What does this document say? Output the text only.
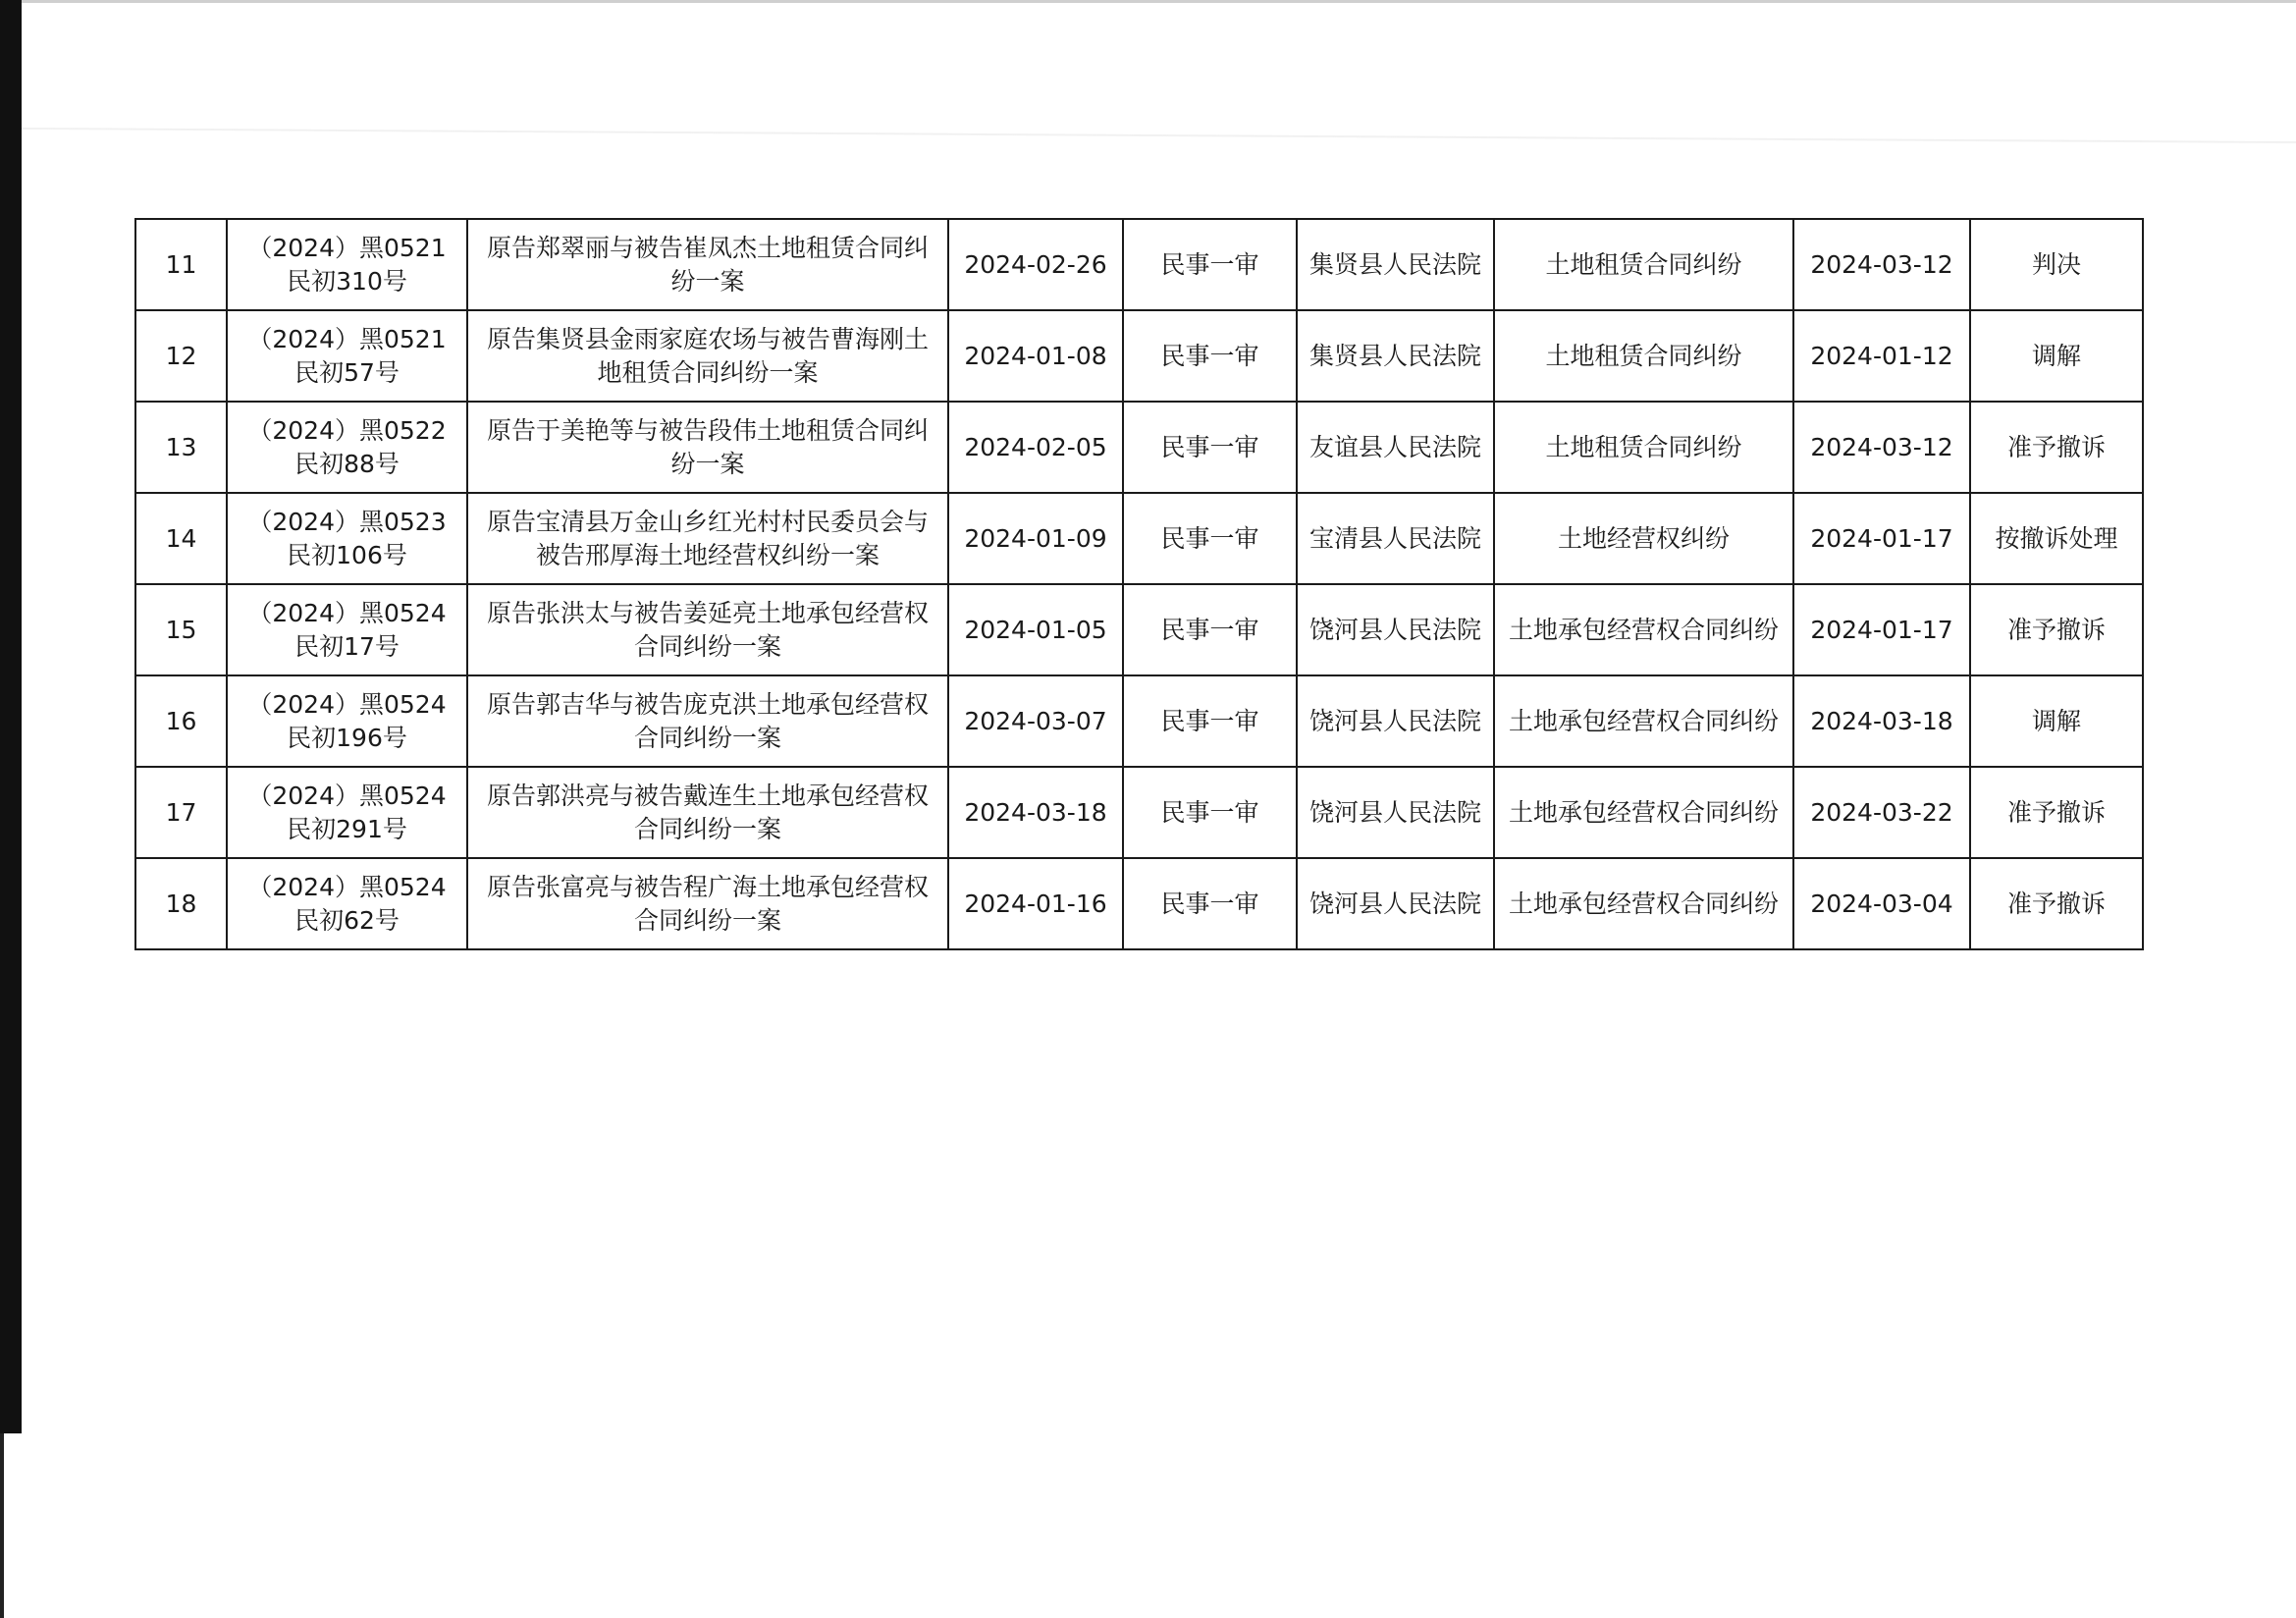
11	（2024）黑0521民初310号	原告郑翠丽与被告崔凤杰土地租赁合同纠纷一案	2024-02-26	民事一审	集贤县人民法院	土地租赁合同纠纷	2024-03-12	判决
12	（2024）黑0521民初57号	原告集贤县金雨家庭农场与被告曹海刚土地租赁合同纠纷一案	2024-01-08	民事一审	集贤县人民法院	土地租赁合同纠纷	2024-01-12	调解
13	（2024）黑0522民初88号	原告于美艳等与被告段伟土地租赁合同纠纷一案	2024-02-05	民事一审	友谊县人民法院	土地租赁合同纠纷	2024-03-12	准予撤诉
14	（2024）黑0523民初106号	原告宝清县万金山乡红光村村民委员会与被告邢厚海土地经营权纠纷一案	2024-01-09	民事一审	宝清县人民法院	土地经营权纠纷	2024-01-17	按撤诉处理
15	（2024）黑0524民初17号	原告张洪太与被告姜延亮土地承包经营权合同纠纷一案	2024-01-05	民事一审	饶河县人民法院	土地承包经营权合同纠纷	2024-01-17	准予撤诉
16	（2024）黑0524民初196号	原告郭吉华与被告庞克洪土地承包经营权合同纠纷一案	2024-03-07	民事一审	饶河县人民法院	土地承包经营权合同纠纷	2024-03-18	调解
17	（2024）黑0524民初291号	原告郭洪亮与被告戴连生土地承包经营权合同纠纷一案	2024-03-18	民事一审	饶河县人民法院	土地承包经营权合同纠纷	2024-03-22	准予撤诉
18	（2024）黑0524民初62号	原告张富亮与被告程广海土地承包经营权合同纠纷一案	2024-01-16	民事一审	饶河县人民法院	土地承包经营权合同纠纷	2024-03-04	准予撤诉
